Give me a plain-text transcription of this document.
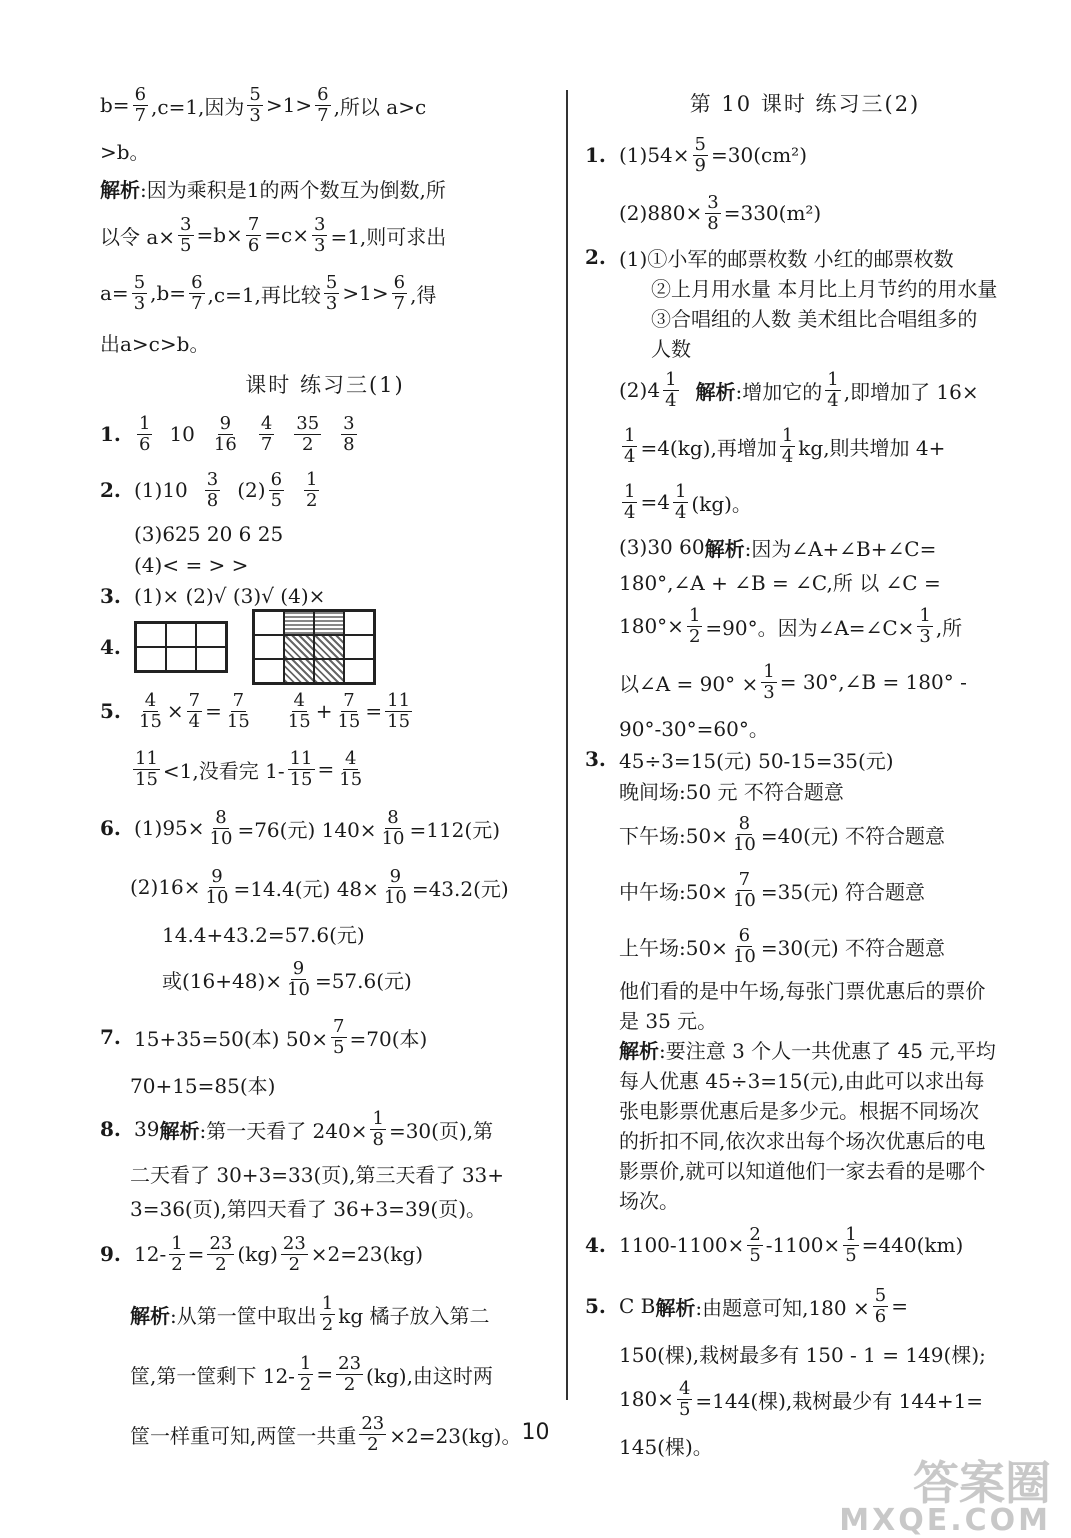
$b= \frac{6}{7} ,c=1$,因为 $\frac{5}{3} >1> \frac{6}{7}$ ,所以 a>c
>b。
解析 :因为乘积是1的两个数互为倒数,所
以令 $a\times \frac{3}{5} =b\times \frac{7}{6} =c\times \frac{3}{3} =1$,则可求出
$a= \frac{5}{3} ,b= \frac{6}{7} ,c=1$,再比较 $\frac{5}{3} >1> \frac{6}{7}$ ,得
出a>c>b。
课时 练习三(1)
1. $\frac{1}{6} 10 \frac{9}{16} \frac{4}{7} \frac{35}{2} \frac{3}{8}$
2. $(1)10 \frac{3}{8} (2) \frac{6}{5} \frac{1}{2}$
(3)625 20 6 25
(4)< = > >
3. (1)× (2)√ (3)√ (4)×
4.
5. $\frac{4}{15} \times \frac{7}{4} = \frac{7}{15} \frac{4}{15} + \frac{7}{15} = \frac{11}{15}$
$\frac{11}{15} <1$,没看完 $1- \frac{11}{15} = \frac{4}{15}$
6. $(1)95\times \frac{8}{10} =76$(元) $140\times \frac{8}{10} =112$(元)
$(2)16\times \frac{9}{10} =14.4$(元) $48\times \frac{9}{10} =43.2$(元)
14.4+43.2=57.6(元)
或$(16+48)\times \frac{9}{10} =57.6$(元)
7. 15+35=50(本) $50\times \frac{7}{5} =70$(本)
70+15=85(本)
8. 39 解析 :第一天看了 $240\times \frac{1}{8} =30$(页),第
二天看了 30+3=33(页),第三天看了 33+
3=36(页),第四天看了 36+3=39(页)。
9. $12- \frac{1}{2} = \frac{23}{2} (kg) \frac{23}{2} \times 2=23(kg)$
解析 :从第一筐中取出 $\frac{1}{2}$ kg 橘子放入第二
筐,第一筐剩下 $12- \frac{1}{2} = \frac{23}{2} (kg)$,由这时两
筐一样重可知,两筐一共重 $\frac{23}{2} \times 2=23(kg)$。
第 10 课时 练习三(2)
1. $(1)54\times \frac{5}{9} =30(cm^2)$
$(2)880\times \frac{3}{8} =330(m^2)$
2. (1)①小军的邮票枚数 小红的邮票枚数
②上月用水量 本月比上月节约的用水量
③合唱组的人数 美术组比合唱组多的
人数
$(2)4 \frac{1}{4}$ 解析 :增加它的 $\frac{1}{4}$ ,即增加了 16×
$\frac{1}{4} =4(kg)$,再增加 $\frac{1}{4}$ kg,則共增加 4+
$\frac{1}{4} =4 \frac{1}{4} (kg)$。
(3)30 60 解析 :因为∠A+∠B+∠C=
180°,∠A + ∠B = ∠C,所 以 ∠C =
$180^\circ\times \frac{1}{2} =90^\circ$。因为∠A=∠C× $\frac{1}{3}$ ,所
以∠A = $90^\circ \times \frac{1}{3}$ = 30°,∠B = 180° -
90°-30°=60°。
3. 45÷3=15(元) 50-15=35(元)
晚间场:50 元 不符合题意
下午场:50× $\frac{8}{10} =40$(元) 不符合题意
中午场:50× $\frac{7}{10} =35$(元) 符合题意
上午场:50× $\frac{6}{10} =30$(元) 不符合题意
他们看的是中午场,每张门票优惠后的票价
是 35 元。
解析 :要注意 3 个人一共优惠了 45 元,平均
每人优惠 45÷3=15(元),由此可以求出每
张电影票优惠后是多少元。根据不同场次
的折扣不同,依次求出每个场次优惠后的电
影票价,就可以知道他们一家去看的是哪个
场次。
4. $1100-1100\times \frac{2}{5} -1100\times \frac{1}{5} =440(km)$
5. C B 解析 :由题意可知$,180 \times \frac{5}{6}$ =
150(棵),栽树最多有 150 - 1 = 149(棵);
$180\times \frac{4}{5} =144$(棵),栽树最少有 144+1=
145(棵)。
10
答案圈
MXQE.COM
